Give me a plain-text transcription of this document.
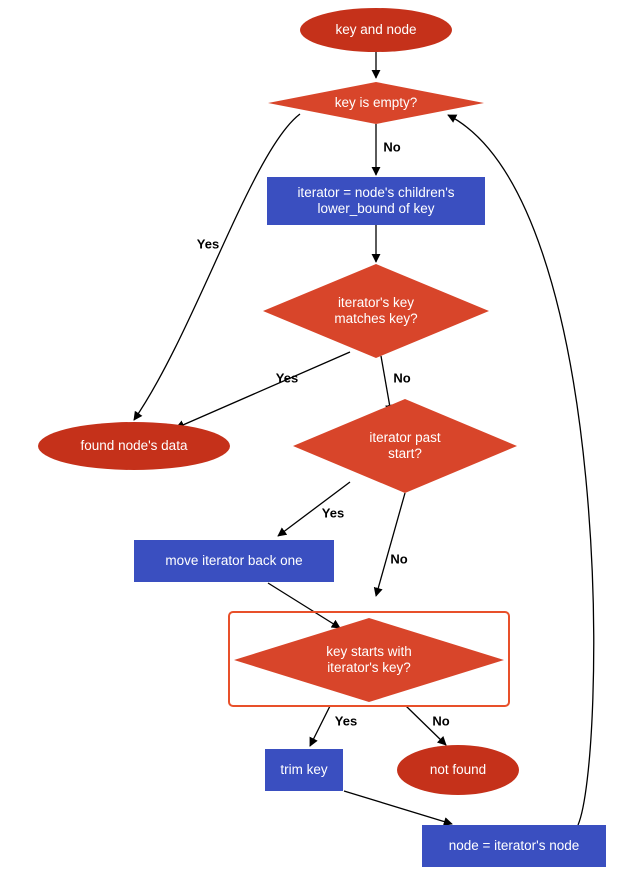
key and node
key is empty?
iterator = node's children's lower_bound of key
iterator's key matches key?
found node's data
iterator past start?
move iterator back one
key starts with iterator's key?
trim key	not found
node = iterator's node
No
Yes
Yes	No
Yes
No
Yes	No
